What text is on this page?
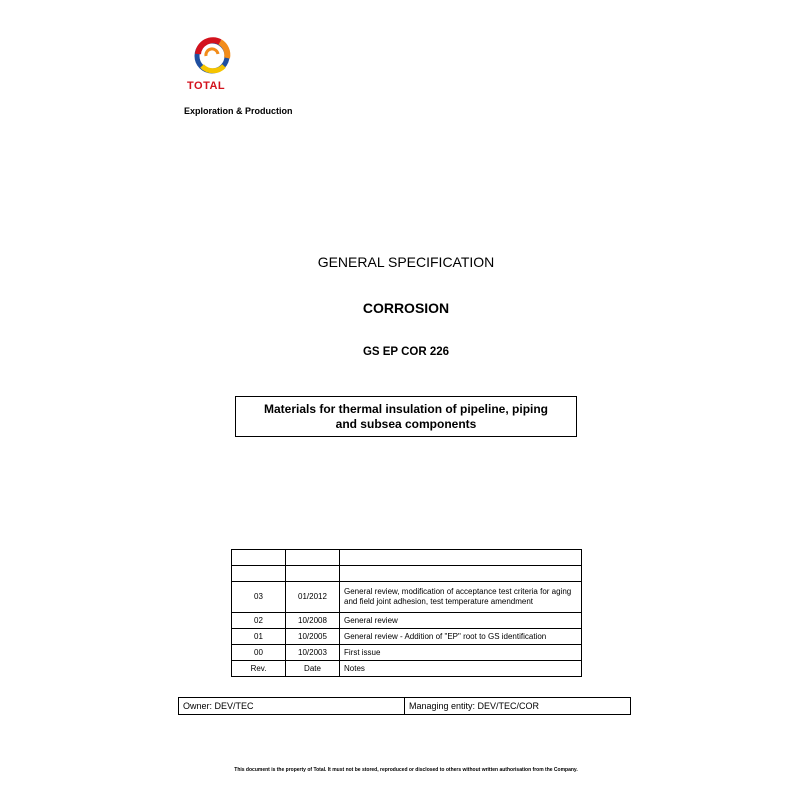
TOTAL
Exploration & Production
GENERAL SPECIFICATION
CORROSION
GS EP COR 226
Materials for thermal insulation of pipeline, piping
and subsea components

03	01/2012	General review, modification of acceptance test criteria for aging and field joint adhesion, test temperature amendment
02	10/2008	General review
01	10/2005	General review - Addition of "EP" root to GS identification
00	10/2003	First issue
Rev.	Date	Notes
Owner: DEV/TEC	Managing entity: DEV/TEC/COR
This document is the property of Total. It must not be stored, reproduced or disclosed to others without written authorisation from the Company.
